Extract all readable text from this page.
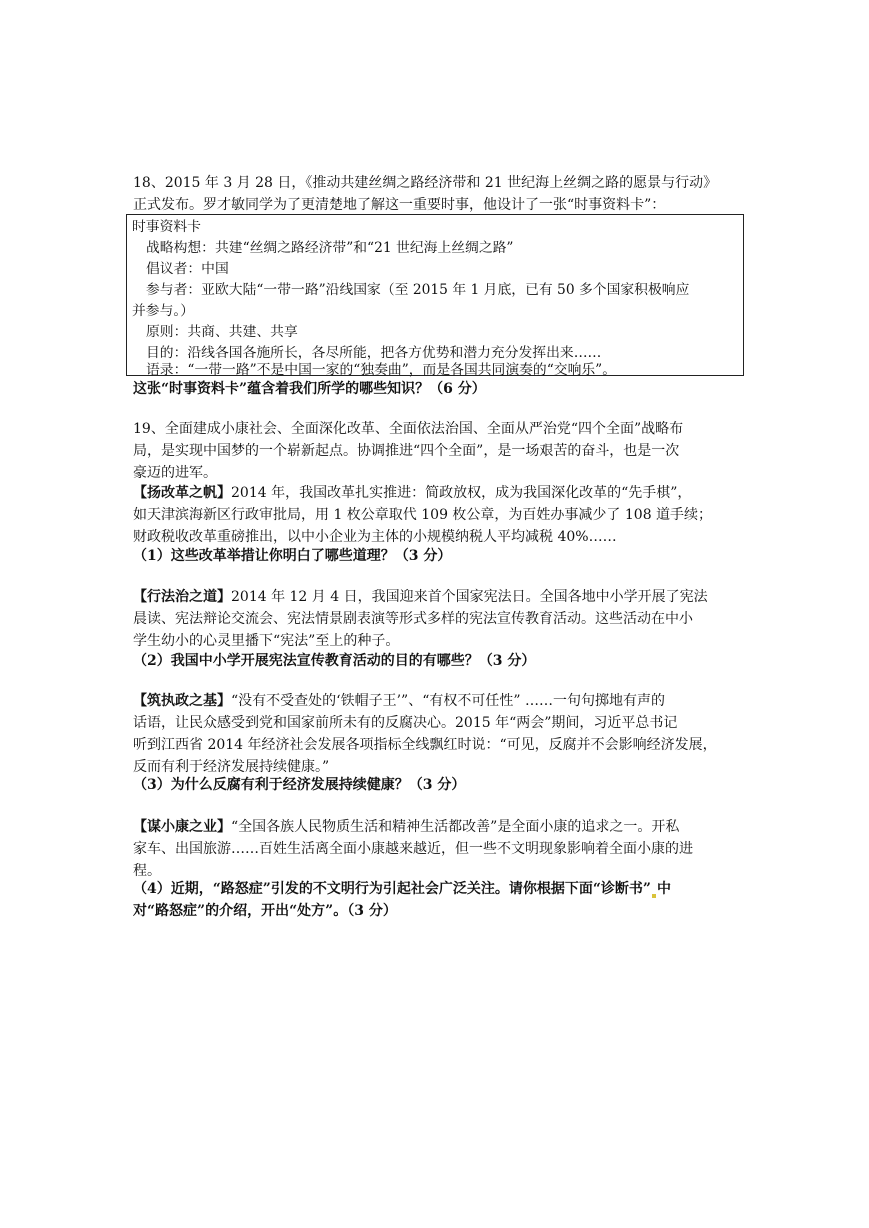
18、2015 年 3 月 28 日，《推动共建丝绸之路经济带和 21 世纪海上丝绸之路的愿景与行动》
正式发布。罗才敏同学为了更清楚地了解这一重要时事，他设计了一张“时事资料卡”：
时事资料卡
战略构想：共建“丝绸之路经济带”和“21 世纪海上丝绸之路”
倡议者：中国
参与者：亚欧大陆“一带一路”沿线国家（至 2015 年 1 月底，已有 50 多个国家积极响应
并参与。）
原则：共商、共建、共享
目的：沿线各国各施所长，各尽所能，把各方优势和潜力充分发挥出来……
语录：“一带一路”不是中国一家的“独奏曲”，而是各国共同演奏的“交响乐”。
这张“时事资料卡”蕴含着我们所学的哪些知识？（6 分）
19、全面建成小康社会、全面深化改革、全面依法治国、全面从严治党“四个全面”战略布
局，是实现中国梦的一个崭新起点。协调推进“四个全面”，是一场艰苦的奋斗，也是一次
豪迈的进军。
【扬改革之帆】2014 年，我国改革扎实推进：简政放权，成为我国深化改革的“先手棋”，
如天津滨海新区行政审批局，用 1 枚公章取代 109 枚公章，为百姓办事减少了 108 道手续；
财政税收改革重磅推出，以中小企业为主体的小规模纳税人平均减税 40%……
（1）这些改革举措让你明白了哪些道理？（3 分）
【行法治之道】2014 年 12 月 4 日，我国迎来首个国家宪法日。全国各地中小学开展了宪法
晨读、宪法辩论交流会、宪法情景剧表演等形式多样的宪法宣传教育活动。这些活动在中小
学生幼小的心灵里播下“宪法”至上的种子。
（2）我国中小学开展宪法宣传教育活动的目的有哪些？（3 分）
【筑执政之基】“没有不受查处的‘铁帽子王’”、“有权不可任性” ……一句句掷地有声的
话语，让民众感受到党和国家前所未有的反腐决心。2015 年“两会”期间，习近平总书记
听到江西省 2014 年经济社会发展各项指标全线飘红时说：“可见，反腐并不会影响经济发展，
反而有利于经济发展持续健康。”
（3）为什么反腐有利于经济发展持续健康？（3 分）
【谋小康之业】“全国各族人民物质生活和精神生活都改善”是全面小康的追求之一。开私
家车、出国旅游……百姓生活离全面小康越来越近，但一些不文明现象影响着全面小康的进
程。
（4）近期，“路怒症”引发的不文明行为引起社会广泛关注。请你根据下面“诊断书” 中
对“路怒症”的介绍，开出“处方”。（3 分）
